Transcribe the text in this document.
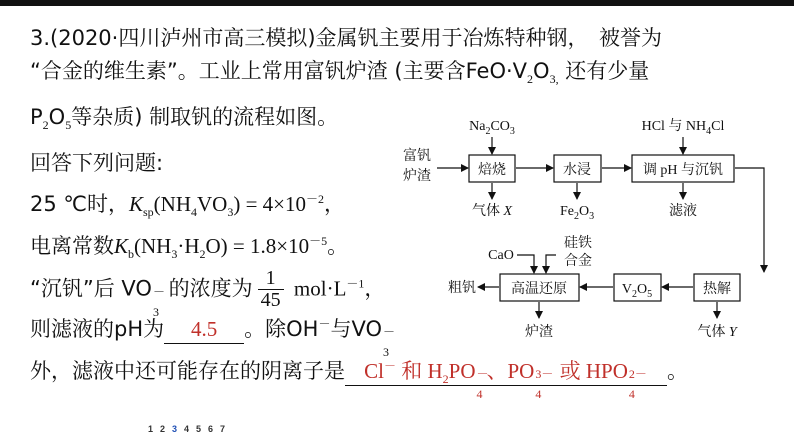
3.(2020·四川泸州市高三模拟)金属钒主要用于冶炼特种钢，　被誉为
“合金的维生素”。工业上常用富钒炉渣 (主要含$FeO\cdot V_2O_{3,}$ 还有少量
$P_2O_5$等杂质) 制取钒的流程如图。
回答下列问题:
25 ℃时，$K_{sp}(NH_4VO_3) = 4\times 10^{-2}$，
电离常数$K_b(NH_3\cdot H_2O) = 1.8\times 10^{-5}$。
“沉钒”后 VO －
3
的浓度为 $\frac{1}{45} mol\cdot L^{-1}$，
则滤液的pH为 4.5 。除OH－与VO －
3
外，滤液中还可能存在的阴离子是 Cl－ 和 $H_2PO$ －
4
、PO 3－
4
或 HPO 2－
4
。
富钒
炉渣
$Na_2CO_3$	HCl 与 $NH_4Cl$
焙烧	水浸	调 pH 与沉钒
气体 X	$Fe_2O_3$	滤液
CaO
硅铁
合金
高温还原	$V_2O_5$	热解
粗钒
炉渣	气体 Y
1 2 3 4 5 6 7
